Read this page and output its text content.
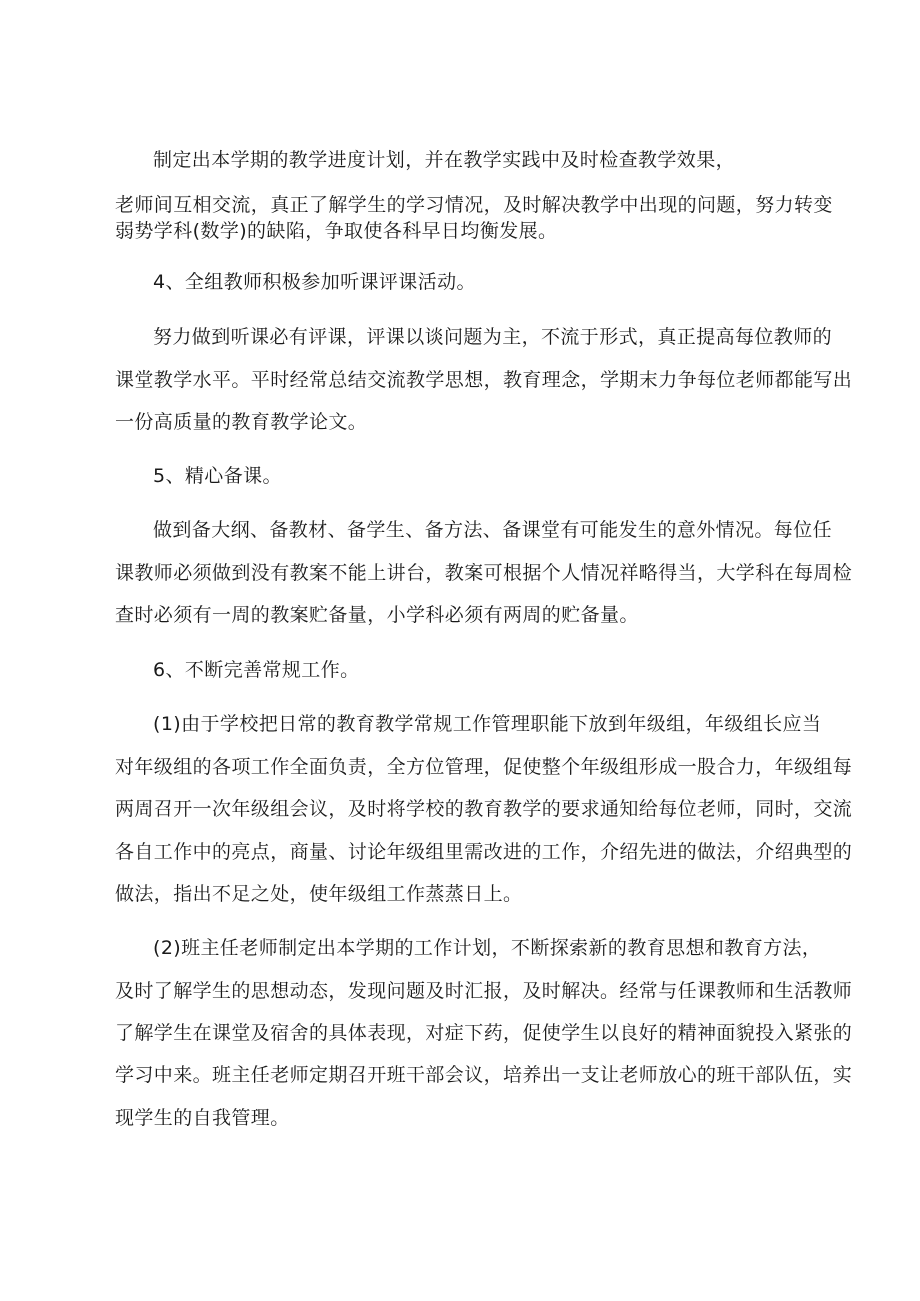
制定出本学期的教学进度计划，并在教学实践中及时检查教学效果，
老师间互相交流，真正了解学生的学习情况，及时解决教学中出现的问题，努力转变
弱势学科(数学)的缺陷，争取使各科早日均衡发展。
4、全组教师积极参加听课评课活动。
努力做到听课必有评课，评课以谈问题为主，不流于形式，真正提高每位教师的
课堂教学水平。平时经常总结交流教学思想，教育理念，学期末力争每位老师都能写出
一份高质量的教育教学论文。
5、精心备课。
做到备大纲、备教材、备学生、备方法、备课堂有可能发生的意外情况。每位任
课教师必须做到没有教案不能上讲台，教案可根据个人情况祥略得当，大学科在每周检
查时必须有一周的教案贮备量，小学科必须有两周的贮备量。
6、不断完善常规工作。
(1)由于学校把日常的教育教学常规工作管理职能下放到年级组，年级组长应当
对年级组的各项工作全面负责，全方位管理，促使整个年级组形成一股合力，年级组每
两周召开一次年级组会议，及时将学校的教育教学的要求通知给每位老师，同时，交流
各自工作中的亮点，商量、讨论年级组里需改进的工作，介绍先进的做法，介绍典型的
做法，指出不足之处，使年级组工作蒸蒸日上。
(2)班主任老师制定出本学期的工作计划，不断探索新的教育思想和教育方法，
及时了解学生的思想动态，发现问题及时汇报，及时解决。经常与任课教师和生活教师
了解学生在课堂及宿舍的具体表现，对症下药，促使学生以良好的精神面貌投入紧张的
学习中来。班主任老师定期召开班干部会议，培养出一支让老师放心的班干部队伍，实
现学生的自我管理。
